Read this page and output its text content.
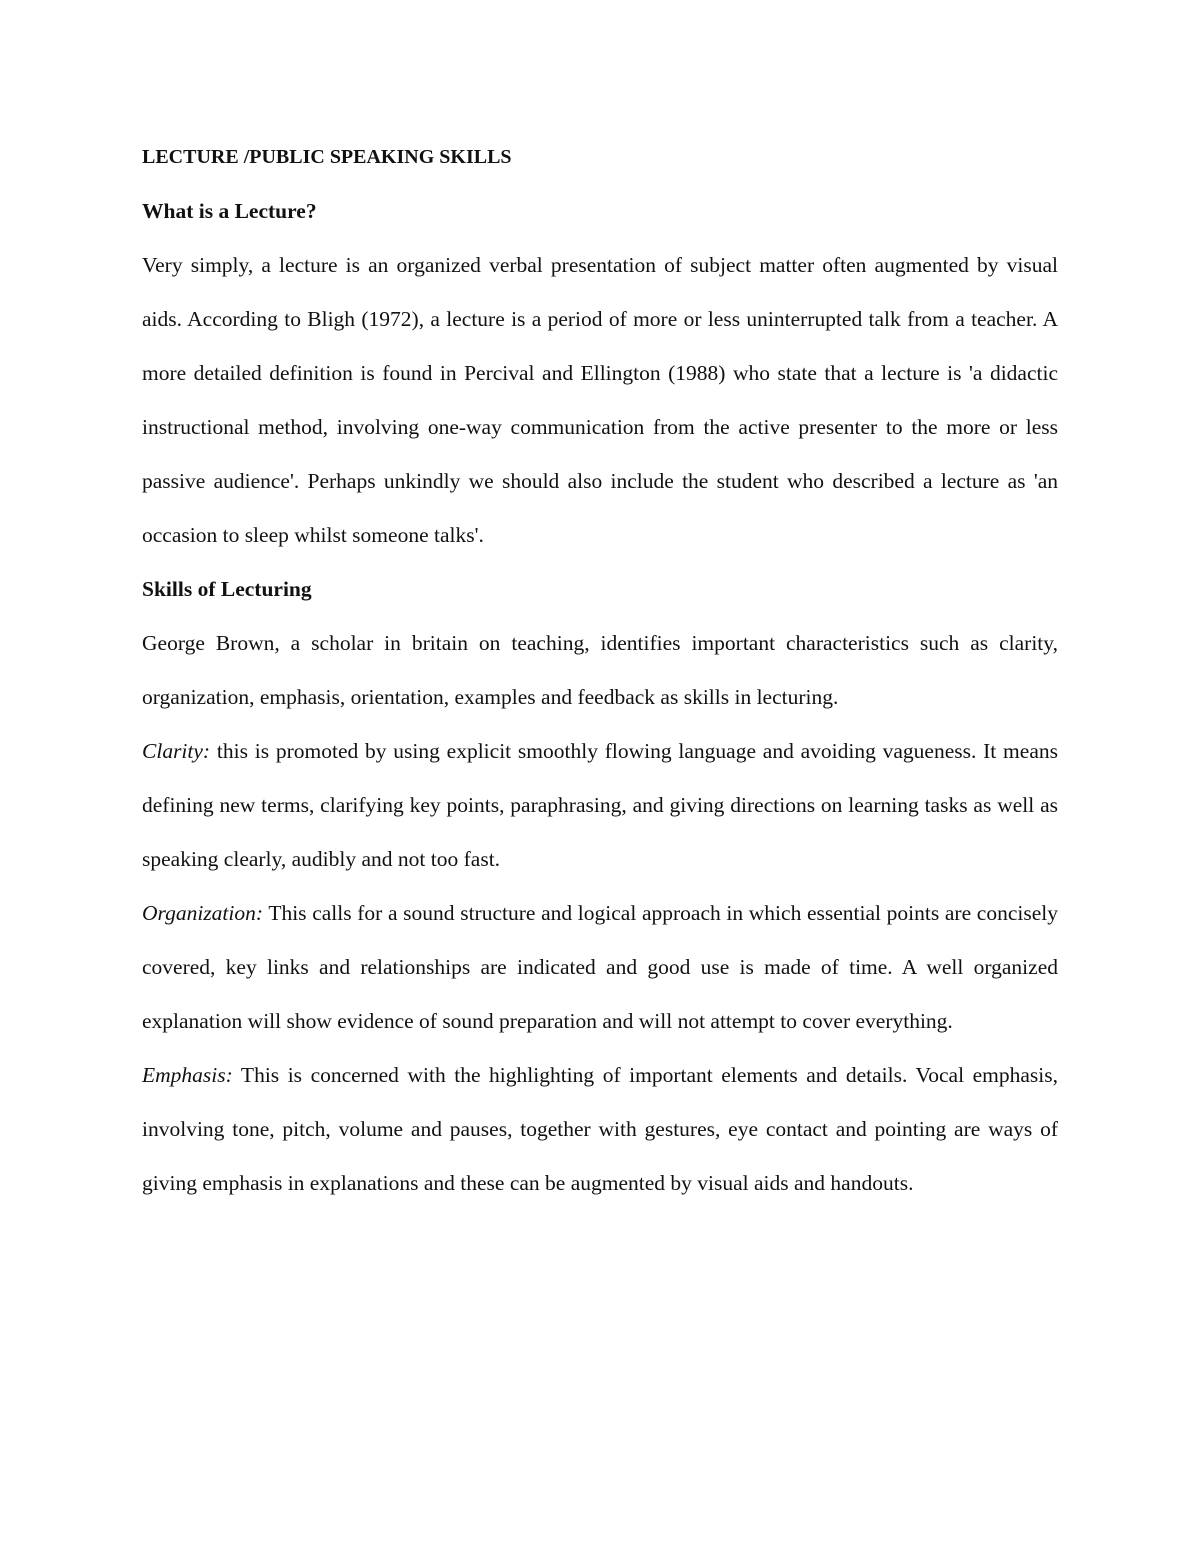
LECTURE /PUBLIC SPEAKING SKILLS
What is a Lecture?

Very simply, a lecture is an organized verbal presentation of subject matter often augmented by visual aids. According to Bligh (1972), a lecture is a period of more or less uninterrupted talk from a teacher. A more detailed definition is found in Percival and Ellington (1988) who state that a lecture is 'a didactic instructional method, involving one-way communication from the active presenter to the more or less passive audience'. Perhaps unkindly we should also include the student who described a lecture as 'an occasion to sleep whilst someone talks'.

Skills of Lecturing

George Brown, a scholar in britain on teaching, identifies important characteristics such as clarity, organization, emphasis, orientation, examples and feedback as skills in lecturing.

Clarity: this is promoted by using explicit smoothly flowing language and avoiding vagueness. It means defining new terms, clarifying key points, paraphrasing, and giving directions on learning tasks as well as speaking clearly, audibly and not too fast.

Organization: This calls for a sound structure and logical approach in which essential points are concisely covered, key links and relationships are indicated and good use is made of time. A well organized explanation will show evidence of sound preparation and will not attempt to cover everything.

Emphasis: This is concerned with the highlighting of important elements and details. Vocal emphasis, involving tone, pitch, volume and pauses, together with gestures, eye contact and pointing are ways of giving emphasis in explanations and these can be augmented by visual aids and handouts.
